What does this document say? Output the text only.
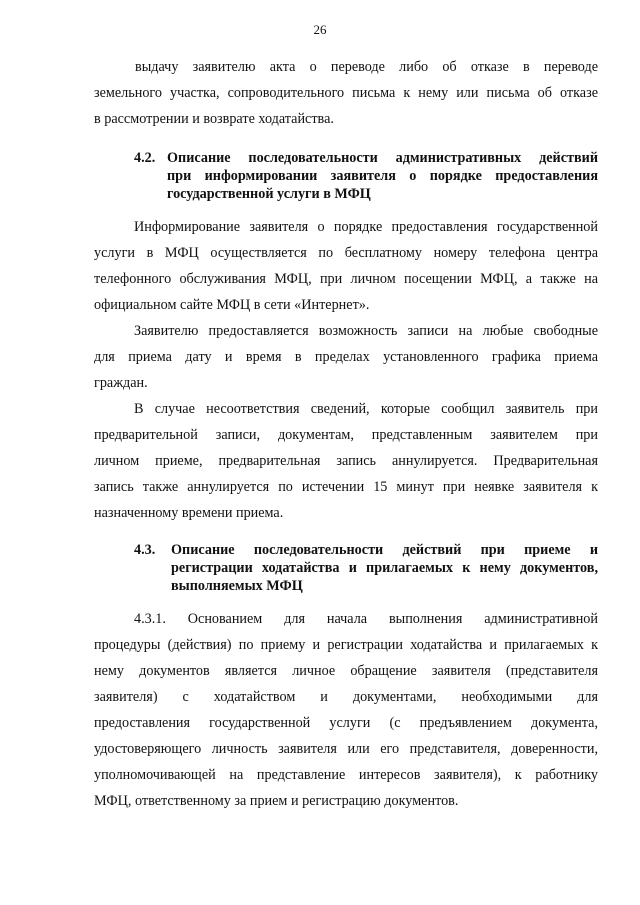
26
выдачу заявителю акта о переводе либо об отказе в переводе
земельного участка, сопроводительного письма к нему или письма об отказе
в рассмотрении и возврате ходатайства.
4.2. Описание последовательности административных действий
при информировании заявителя о порядке предоставления
государственной услуги в МФЦ
Информирование заявителя о порядке предоставления государственной
услуги в МФЦ осуществляется по бесплатному номеру телефона центра
телефонного обслуживания МФЦ, при личном посещении МФЦ, а также на
официальном сайте МФЦ в сети «Интернет».
Заявителю предоставляется возможность записи на любые свободные
для приема дату и время в пределах установленного графика приема
граждан.
В случае несоответствия сведений, которые сообщил заявитель при
предварительной записи, документам, представленным заявителем при
личном приеме, предварительная запись аннулируется. Предварительная
запись также аннулируется по истечении 15 минут при неявке заявителя к
назначенному времени приема.
4.3. Описание последовательности действий при приеме и
регистрации ходатайства и прилагаемых к нему документов,
выполняемых МФЦ
4.3.1. Основанием для начала выполнения административной
процедуры (действия) по приему и регистрации ходатайства и прилагаемых к
нему документов является личное обращение заявителя (представителя
заявителя) с ходатайством и документами, необходимыми для
предоставления государственной услуги (с предъявлением документа,
удостоверяющего личность заявителя или его представителя, доверенности,
уполномочивающей на представление интересов заявителя), к работнику
МФЦ, ответственному за прием и регистрацию документов.
